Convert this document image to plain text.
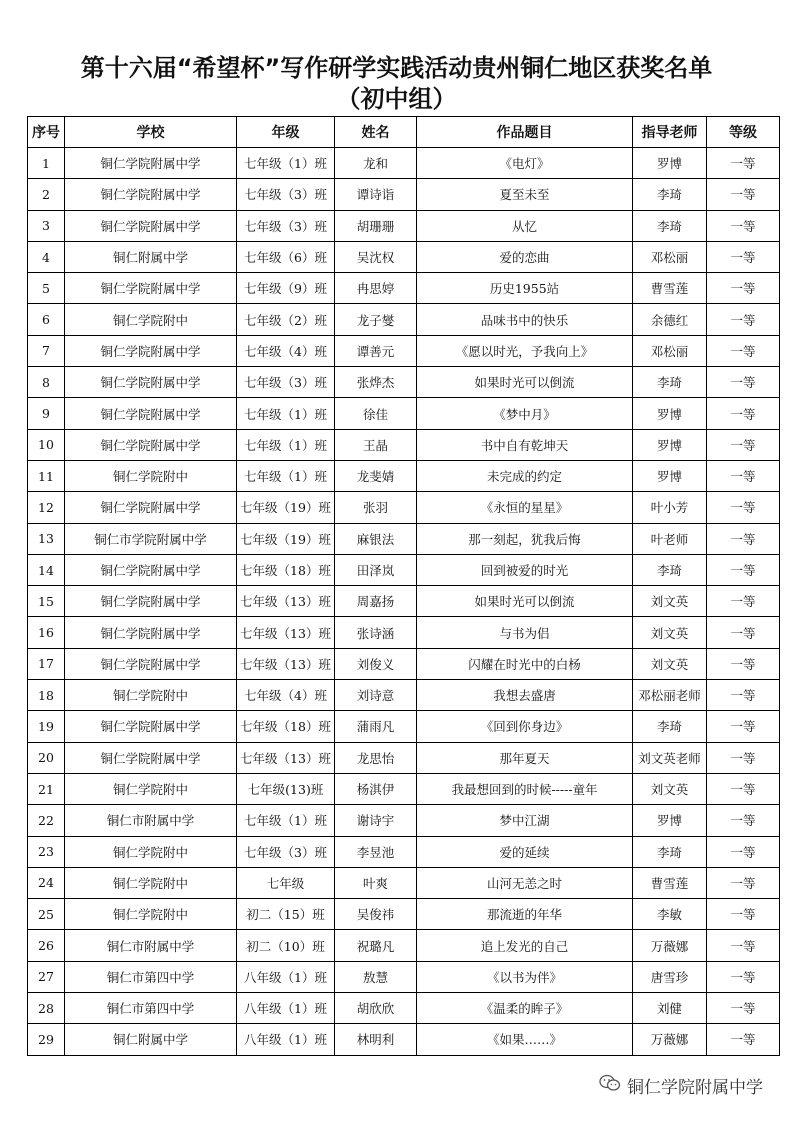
第十六届“希望杯”写作研学实践活动贵州铜仁地区获奖名单
（初中组）
序号	学校	年级	姓名	作品题目	指导老师	等级
1	铜仁学院附属中学	七年级（1）班	龙和	《电灯》	罗博	一等
2	铜仁学院附属中学	七年级（3）班	谭诗诣	夏至未至	李琦	一等
3	铜仁学院附属中学	七年级（3）班	胡珊珊	从忆	李琦	一等
4	铜仁附属中学	七年级（6）班	吴沈权	爱的恋曲	邓松丽	一等
5	铜仁学院附属中学	七年级（9）班	冉思婷	历史1955站	曹雪莲	一等
6	铜仁学院附中	七年级（2）班	龙子燮	品味书中的快乐	余德红	一等
7	铜仁学院附属中学	七年级（4）班	谭善元	《愿以时光，予我向上》	邓松丽	一等
8	铜仁学院附属中学	七年级（3）班	张烨杰	如果时光可以倒流	李琦	一等
9	铜仁学院附属中学	七年级（1）班	徐佳	《梦中月》	罗博	一等
10	铜仁学院附属中学	七年级（1）班	王晶	书中自有乾坤天	罗博	一等
11	铜仁学院附中	七年级（1）班	龙斐婧	未完成的约定	罗博	一等
12	铜仁学院附属中学	七年级（19）班	张羽	《永恒的星星》	叶小芳	一等
13	铜仁市学院附属中学	七年级（19）班	麻银法	那一刻起，犹我后悔	叶老师	一等
14	铜仁学院附属中学	七年级（18）班	田泽岚	回到被爱的时光	李琦	一等
15	铜仁学院附属中学	七年级（13）班	周嘉扬	如果时光可以倒流	刘文英	一等
16	铜仁学院附属中学	七年级（13）班	张诗涵	与书为侣	刘文英	一等
17	铜仁学院附属中学	七年级（13）班	刘俊义	闪耀在时光中的白杨	刘文英	一等
18	铜仁学院附中	七年级（4）班	刘诗意	我想去盛唐	邓松丽老师	一等
19	铜仁学院附属中学	七年级（18）班	蒲雨凡	《回到你身边》	李琦	一等
20	铜仁学院附属中学	七年级（13）班	龙思怡	那年夏天	刘文英老师	一等
21	铜仁学院附中	七年级(13)班	杨淇伊	我最想回到的时候-----童年	刘文英	一等
22	铜仁市附属中学	七年级（1）班	谢诗宇	梦中江湖	罗博	一等
23	铜仁学院附中	七年级（3）班	李昱池	爱的延续	李琦	一等
24	铜仁学院附中	七年级	叶爽	山河无恙之时	曹雪莲	一等
25	铜仁学院附中	初二（15）班	吴俊祎	那流逝的年华	李敏	一等
26	铜仁市附属中学	初二（10）班	祝璐凡	追上发光的自己	万薇娜	一等
27	铜仁市第四中学	八年级（1）班	敖慧	《以书为伴》	唐雪珍	一等
28	铜仁市第四中学	八年级（1）班	胡欣欣	《温柔的眸子》	刘健	一等
29	铜仁附属中学	八年级（1）班	林明利	《如果……》	万薇娜	一等
铜仁学院附属中学
